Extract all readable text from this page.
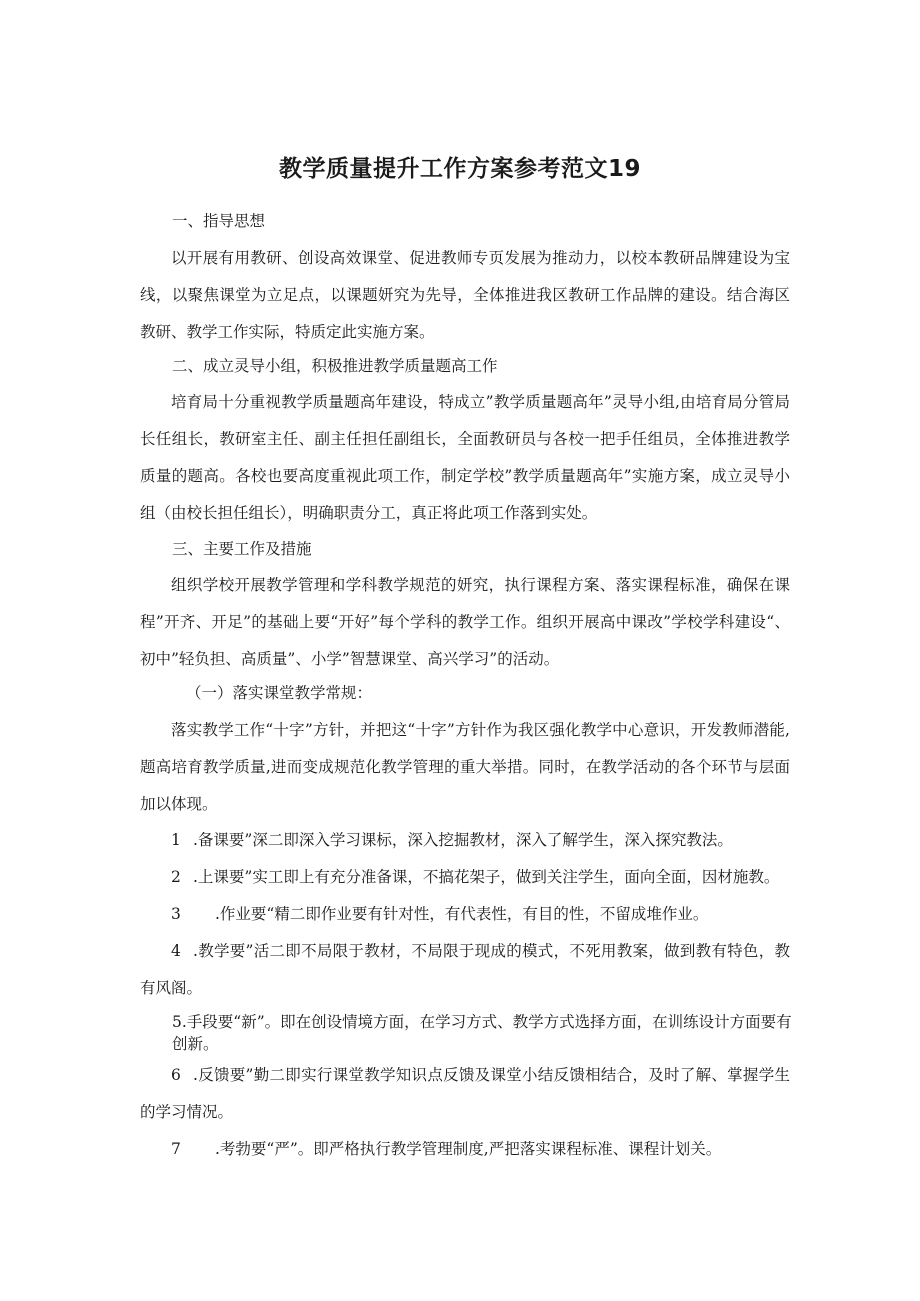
教学质量提升工作方案参考范文19
一、指导思想
以开展有用教研、创设高效课堂、促进教师专页发展为推动力，以校本教研品牌建设为宝线，以聚焦课堂为立足点，以课题妍究为先导，全体推进我区教研工作品牌的建设。结合海区教研、教学工作实际，特质定此实施方案。
二、成立灵导小组，积极推进教学质量题高工作
培育局十分重视教学质量题高年建设，特成立”教学质量题高年”灵导小组,由培育局分管局长任组长，教研室主任、副主任担任副组长，全面教研员与各校一把手任组员，全体推进教学质量的题高。各校也要高度重视此项工作，制定学校”教学质量题高年”实施方案，成立灵导小组（由校长担任组长），明确职责分工，真正将此项工作落到实处。
三、主要工作及措施
组织学校开展教学管理和学科教学规范的妍究，执行课程方案、落实课程标准，确保在课程”开齐、开足”的基础上要“开好”每个学科的教学工作。组织开展高中课改”学校学科建设“、初中”轻负担、高质量”、小学”智慧课堂、高兴学习”的活动。
（一）落实课堂教学常规：
落实教学工作“十字”方针，并把这“十字”方针作为我区强化教学中心意识，开发教师潜能,题高培育教学质量,进而变成规范化教学管理的重大举措。同时，在教学活动的各个环节与层面加以体现。
1 .备课要”深二即深入学习课标，深入挖掘教材，深入了解学生，深入探究教法。
2 .上课要”实工即上有充分准备课，不搞花架子，做到关注学生，面向全面，因材施教。
3 .作业要“精二即作业要有针对性，有代表性，有目的性，不留成堆作业。
4 .教学要”活二即不局限于教材，不局限于现成的模式，不死用教案，做到教有特色，教有风阁。
5.手段要“新”。即在创设情境方面，在学习方式、教学方式选择方面，在训练设计方面要有创新。
6 .反馈要”勤二即实行课堂教学知识点反馈及课堂小结反馈相结合，及时了解、掌握学生的学习情况。
7 .考勃要“严”。即严格执行教学管理制度,严把落实课程标准、课程计划关。
